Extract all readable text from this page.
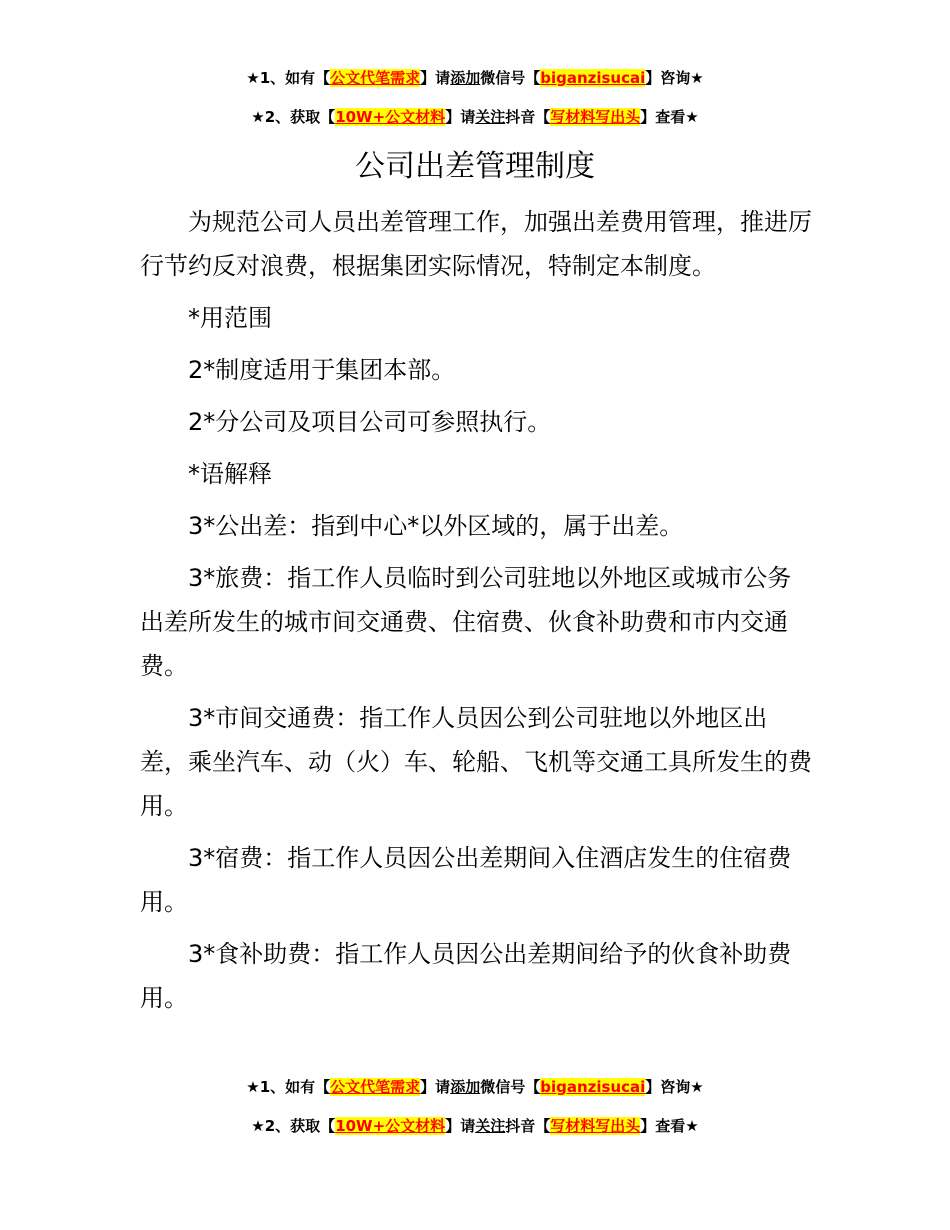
★1、如有【公文代笔需求】请添加微信号【biganzisucai】咨询★
★2、获取【10W+公文材料】请关注抖音【写材料写出头】查看★
公司出差管理制度

为规范公司人员出差管理工作，加强出差费用管理，推进厉行节约反对浪费，根据集团实际情况，特制定本制度。

*用范围

2*制度适用于集团本部。

2*分公司及项目公司可参照执行。

*语解释

3*公出差：指到中心*以外区域的，属于出差。

3*旅费：指工作人员临时到公司驻地以外地区或城市公务出差所发生的城市间交通费、住宿费、伙食补助费和市内交通费。

3*市间交通费：指工作人员因公到公司驻地以外地区出差，乘坐汽车、动（火）车、轮船、飞机等交通工具所发生的费用。

3*宿费：指工作人员因公出差期间入住酒店发生的住宿费用。

3*食补助费：指工作人员因公出差期间给予的伙食补助费用。

★1、如有【公文代笔需求】请添加微信号【biganzisucai】咨询★
★2、获取【10W+公文材料】请关注抖音【写材料写出头】查看★
